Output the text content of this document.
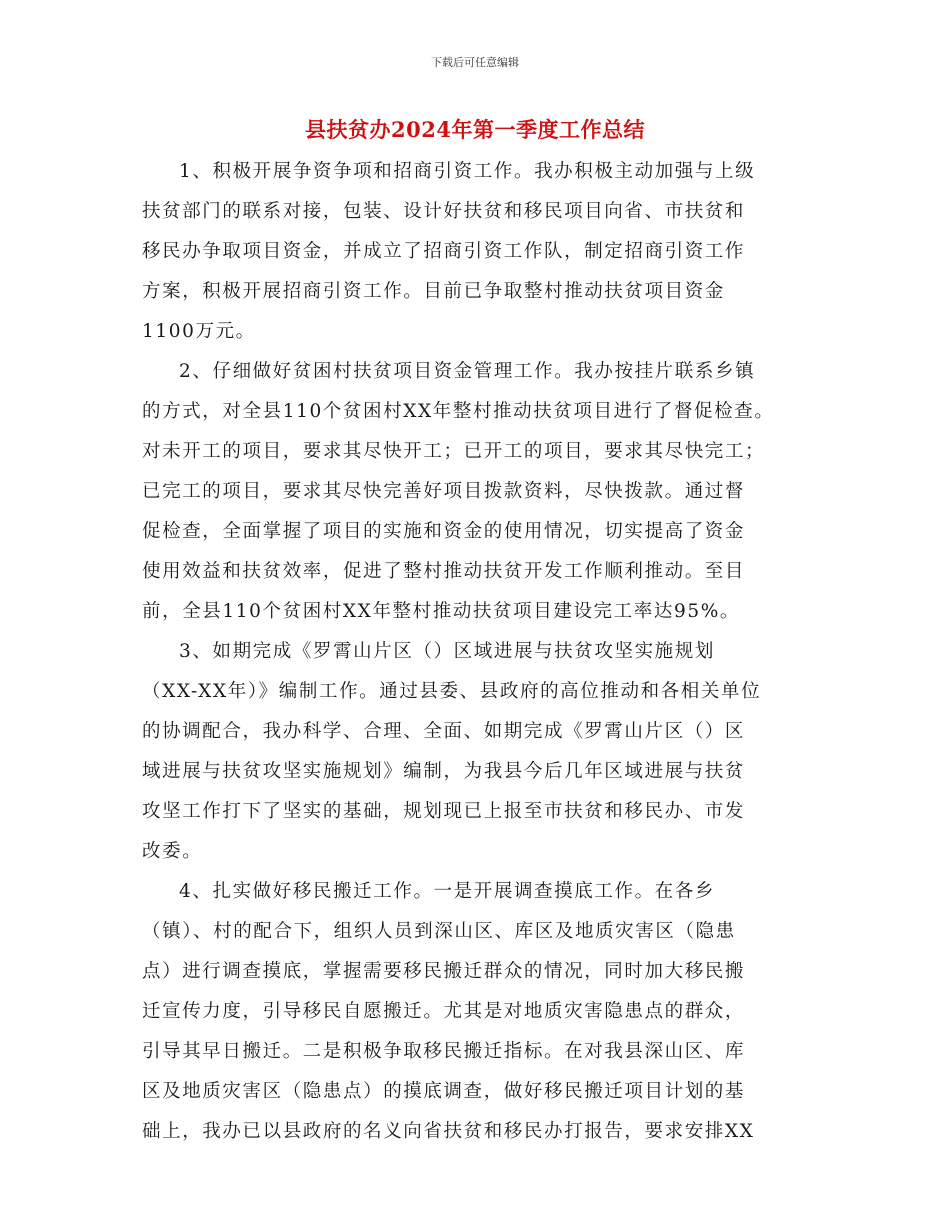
下载后可任意编辑
县扶贫办2024年第一季度工作总结

1、积极开展争资争项和招商引资工作。我办积极主动加强与上级
扶贫部门的联系对接，包装、设计好扶贫和移民项目向省、市扶贫和
移民办争取项目资金，并成立了招商引资工作队，制定招商引资工作
方案，积极开展招商引资工作。目前已争取整村推动扶贫项目资金
1100万元。

2、仔细做好贫困村扶贫项目资金管理工作。我办按挂片联系乡镇
的方式，对全县110个贫困村XX年整村推动扶贫项目进行了督促检查。
对未开工的项目，要求其尽快开工；已开工的项目，要求其尽快完工；
已完工的项目，要求其尽快完善好项目拨款资料，尽快拨款。通过督
促检查，全面掌握了项目的实施和资金的使用情况，切实提高了资金
使用效益和扶贫效率，促进了整村推动扶贫开发工作顺利推动。至目
前，全县110个贫困村XX年整村推动扶贫项目建设完工率达95%。

3、如期完成《罗霄山片区（）区域进展与扶贫攻坚实施规划
（XX-XX年）》编制工作。通过县委、县政府的高位推动和各相关单位
的协调配合，我办科学、合理、全面、如期完成《罗霄山片区（）区
域进展与扶贫攻坚实施规划》编制，为我县今后几年区域进展与扶贫
攻坚工作打下了坚实的基础，规划现已上报至市扶贫和移民办、市发
改委。

4、扎实做好移民搬迁工作。一是开展调查摸底工作。在各乡
（镇）、村的配合下，组织人员到深山区、库区及地质灾害区（隐患
点）进行调查摸底，掌握需要移民搬迁群众的情况，同时加大移民搬
迁宣传力度，引导移民自愿搬迁。尤其是对地质灾害隐患点的群众，
引导其早日搬迁。二是积极争取移民搬迁指标。在对我县深山区、库
区及地质灾害区（隐患点）的摸底调查，做好移民搬迁项目计划的基
础上，我办已以县政府的名义向省扶贫和移民办打报告，要求安排XX
